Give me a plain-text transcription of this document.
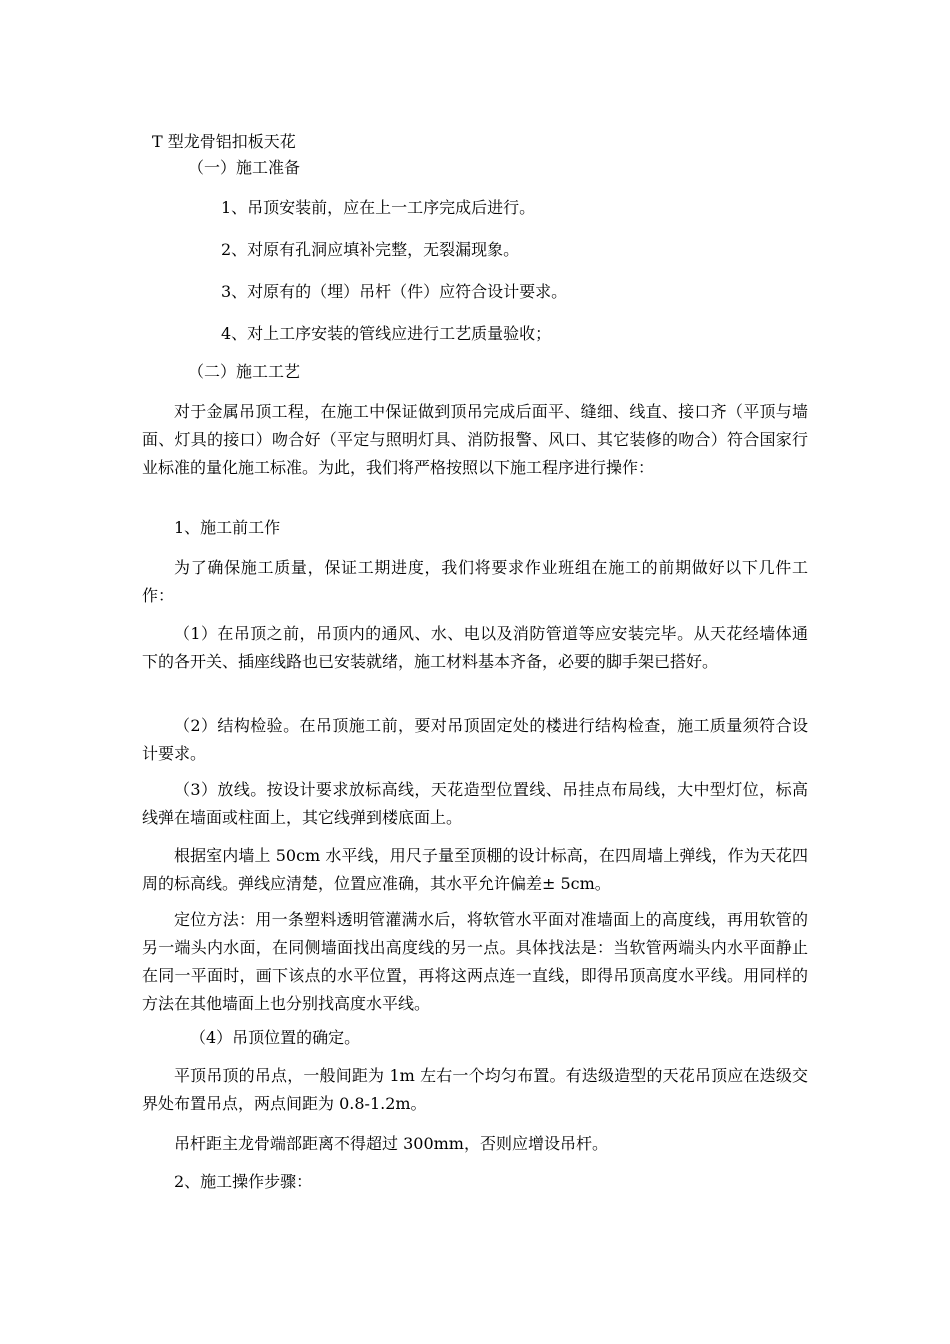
T 型龙骨铝扣板天花

（一）施工准备

1、吊顶安装前，应在上一工序完成后进行。

2、对原有孔洞应填补完整，无裂漏现象。

3、对原有的（埋）吊杆（件）应符合设计要求。

4、对上工序安装的管线应进行工艺质量验收；

（二）施工工艺

对于金属吊顶工程，在施工中保证做到顶吊完成后面平、缝细、线直、接口齐（平顶与墙面、灯具的接口）吻合好（平定与照明灯具、消防报警、风口、其它装修的吻合）符合国家行业标准的量化施工标准。为此，我们将严格按照以下施工程序进行操作：

1、施工前工作

为了确保施工质量，保证工期进度，我们将要求作业班组在施工的前期做好以下几件工作：

（1）在吊顶之前，吊顶内的通风、水、电以及消防管道等应安装完毕。从天花经墙体通下的各开关、插座线路也已安装就绪，施工材料基本齐备，必要的脚手架已搭好。

（2）结构检验。在吊顶施工前，要对吊顶固定处的楼进行结构检查，施工质量须符合设计要求。

（3）放线。按设计要求放标高线，天花造型位置线、吊挂点布局线，大中型灯位，标高线弹在墙面或柱面上，其它线弹到楼底面上。

根据室内墙上 50cm 水平线，用尺子量至顶棚的设计标高，在四周墙上弹线，作为天花四周的标高线。弹线应清楚，位置应准确，其水平允许偏差± 5cm。

定位方法：用一条塑料透明管灌满水后，将软管水平面对准墙面上的高度线，再用软管的另一端头内水面，在同侧墙面找出高度线的另一点。具体找法是：当软管两端头内水平面静止在同一平面时，画下该点的水平位置，再将这两点连一直线，即得吊顶高度水平线。用同样的方法在其他墙面上也分别找高度水平线。

（4）吊顶位置的确定。

平顶吊顶的吊点，一般间距为 1m 左右一个均匀布置。有迭级造型的天花吊顶应在迭级交界处布置吊点，两点间距为 0.8-1.2m。

吊杆距主龙骨端部距离不得超过 300mm，否则应增设吊杆。

2、施工操作步骤：
